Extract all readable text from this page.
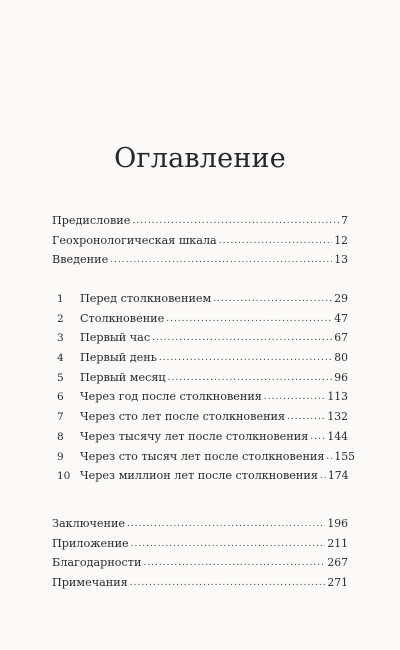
Оглавление
Предисловие .....	7
Геохронологическая шкала .....	12
Введение .....	13
1	Перед столкновением .....	29
2	Столкновение .....	47
3	Первый час .....	67
4	Первый день .....	80
5	Первый месяц .....	96
6	Через год после столкновения .....	113
7	Через сто лет после столкновения .....	132
8	Через тысячу лет после столкновения ..... 144
9	Через сто тысяч лет после столкновения ..... 155
10 Через миллион лет после столкновения ..... 174
Заключение .....	196
Приложение .....	211
Благодарности .....	267
Примечания .....	271
